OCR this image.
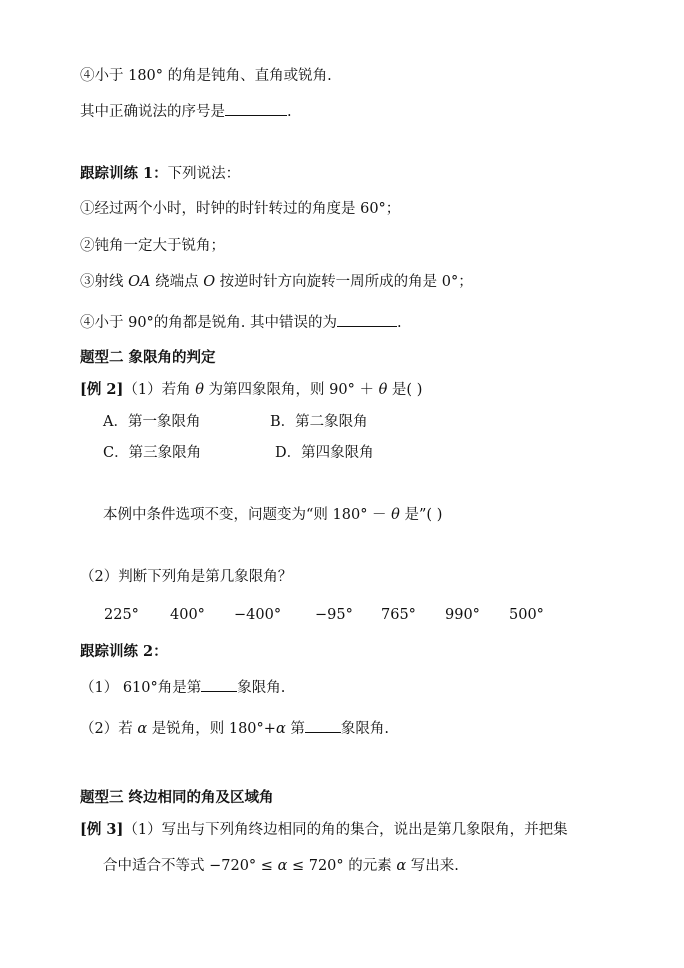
④小于 180° 的角是钝角、直角或锐角.
其中正确说法的序号是	.
跟踪训练 1：下列说法：
①经过两个小时，时钟的时针转过的角度是 60°；
②钝角一定大于锐角；
③射线 OA 绕端点 O 按逆时针方向旋转一周所成的角是 0°；
④小于 90°的角都是锐角. 其中错误的为	.
题型二 象限角的判定
[例 2]（1）若角 θ 为第四象限角，则 90° ＋ θ 是( )
A．第一象限角	B．第二象限角
C．第三象限角	D．第四象限角
本例中条件选项不变，问题变为“则 180° － θ 是”( )
（2）判断下列角是第几象限角？
225° 400° −400° −95° 765° 990° 500°
跟踪训练 2：
（1） 610°角是第 象限角.
（2）若 α 是锐角，则 180°+α 第 象限角.
题型三 终边相同的角及区域角
[例 3]（1）写出与下列角终边相同的角的集合，说出是第几象限角，并把集
合中适合不等式 −720° ≤ α ≤ 720° 的元素 α 写出来.
